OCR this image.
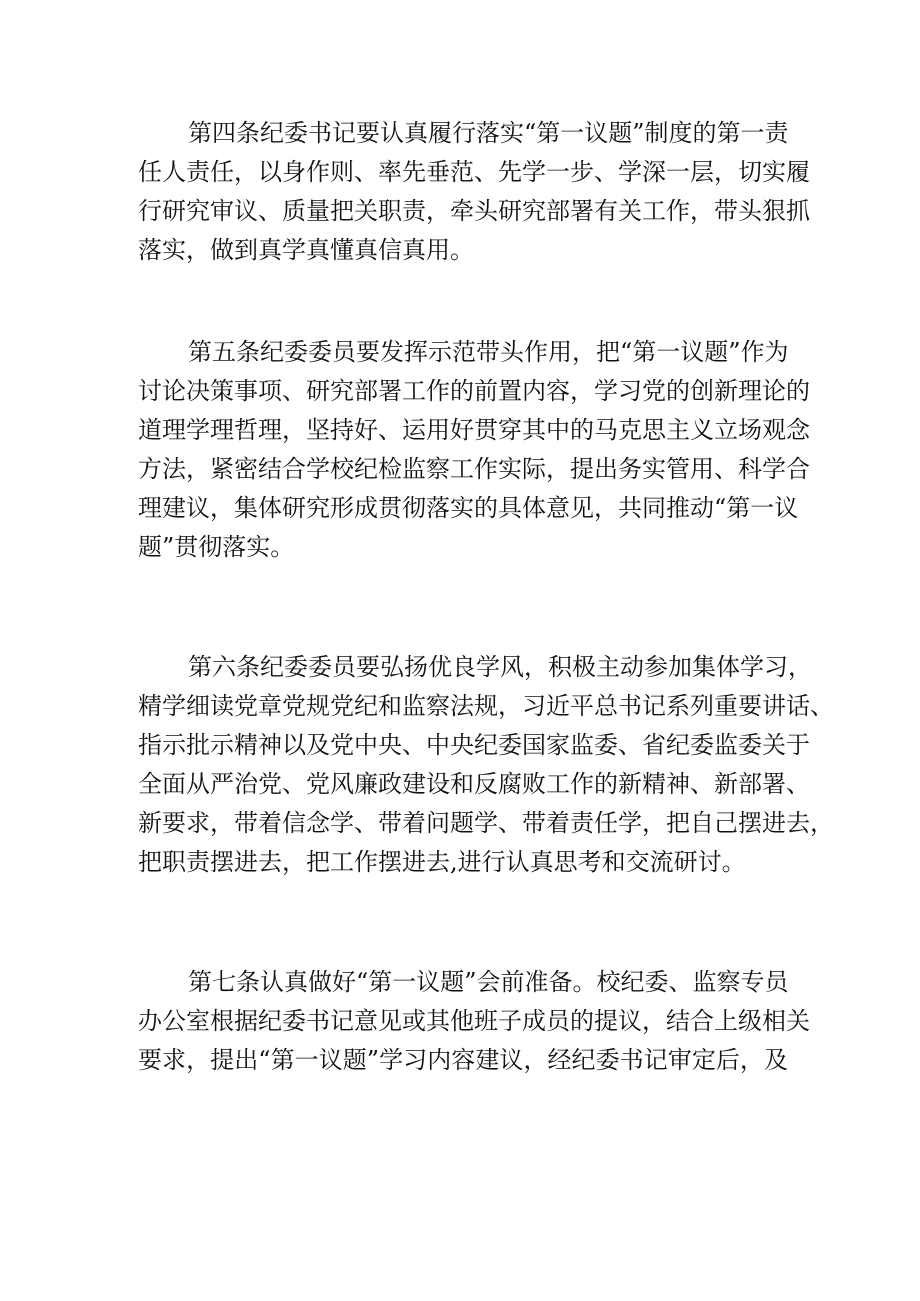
第四条纪委书记要认真履行落实“第一议题”制度的第一责
任人责任，以身作则、率先垂范、先学一步、学深一层，切实履
行研究审议、质量把关职责，牵头研究部署有关工作，带头狠抓
落实，做到真学真懂真信真用。

第五条纪委委员要发挥示范带头作用，把“第一议题”作为
讨论决策事项、研究部署工作的前置内容，学习党的创新理论的
道理学理哲理，坚持好、运用好贯穿其中的马克思主义立场观念
方法，紧密结合学校纪检监察工作实际，提出务实管用、科学合
理建议，集体研究形成贯彻落实的具体意见，共同推动“第一议
题”贯彻落实。

第六条纪委委员要弘扬优良学风，积极主动参加集体学习，
精学细读党章党规党纪和监察法规，习近平总书记系列重要讲话、
指示批示精神以及党中央、中央纪委国家监委、省纪委监委关于
全面从严治党、党风廉政建设和反腐败工作的新精神、新部署、
新要求，带着信念学、带着问题学、带着责任学，把自己摆进去，
把职责摆进去，把工作摆进去,进行认真思考和交流研讨。

第七条认真做好“第一议题”会前准备。校纪委、监察专员
办公室根据纪委书记意见或其他班子成员的提议，结合上级相关
要求，提出“第一议题”学习内容建议，经纪委书记审定后，及
